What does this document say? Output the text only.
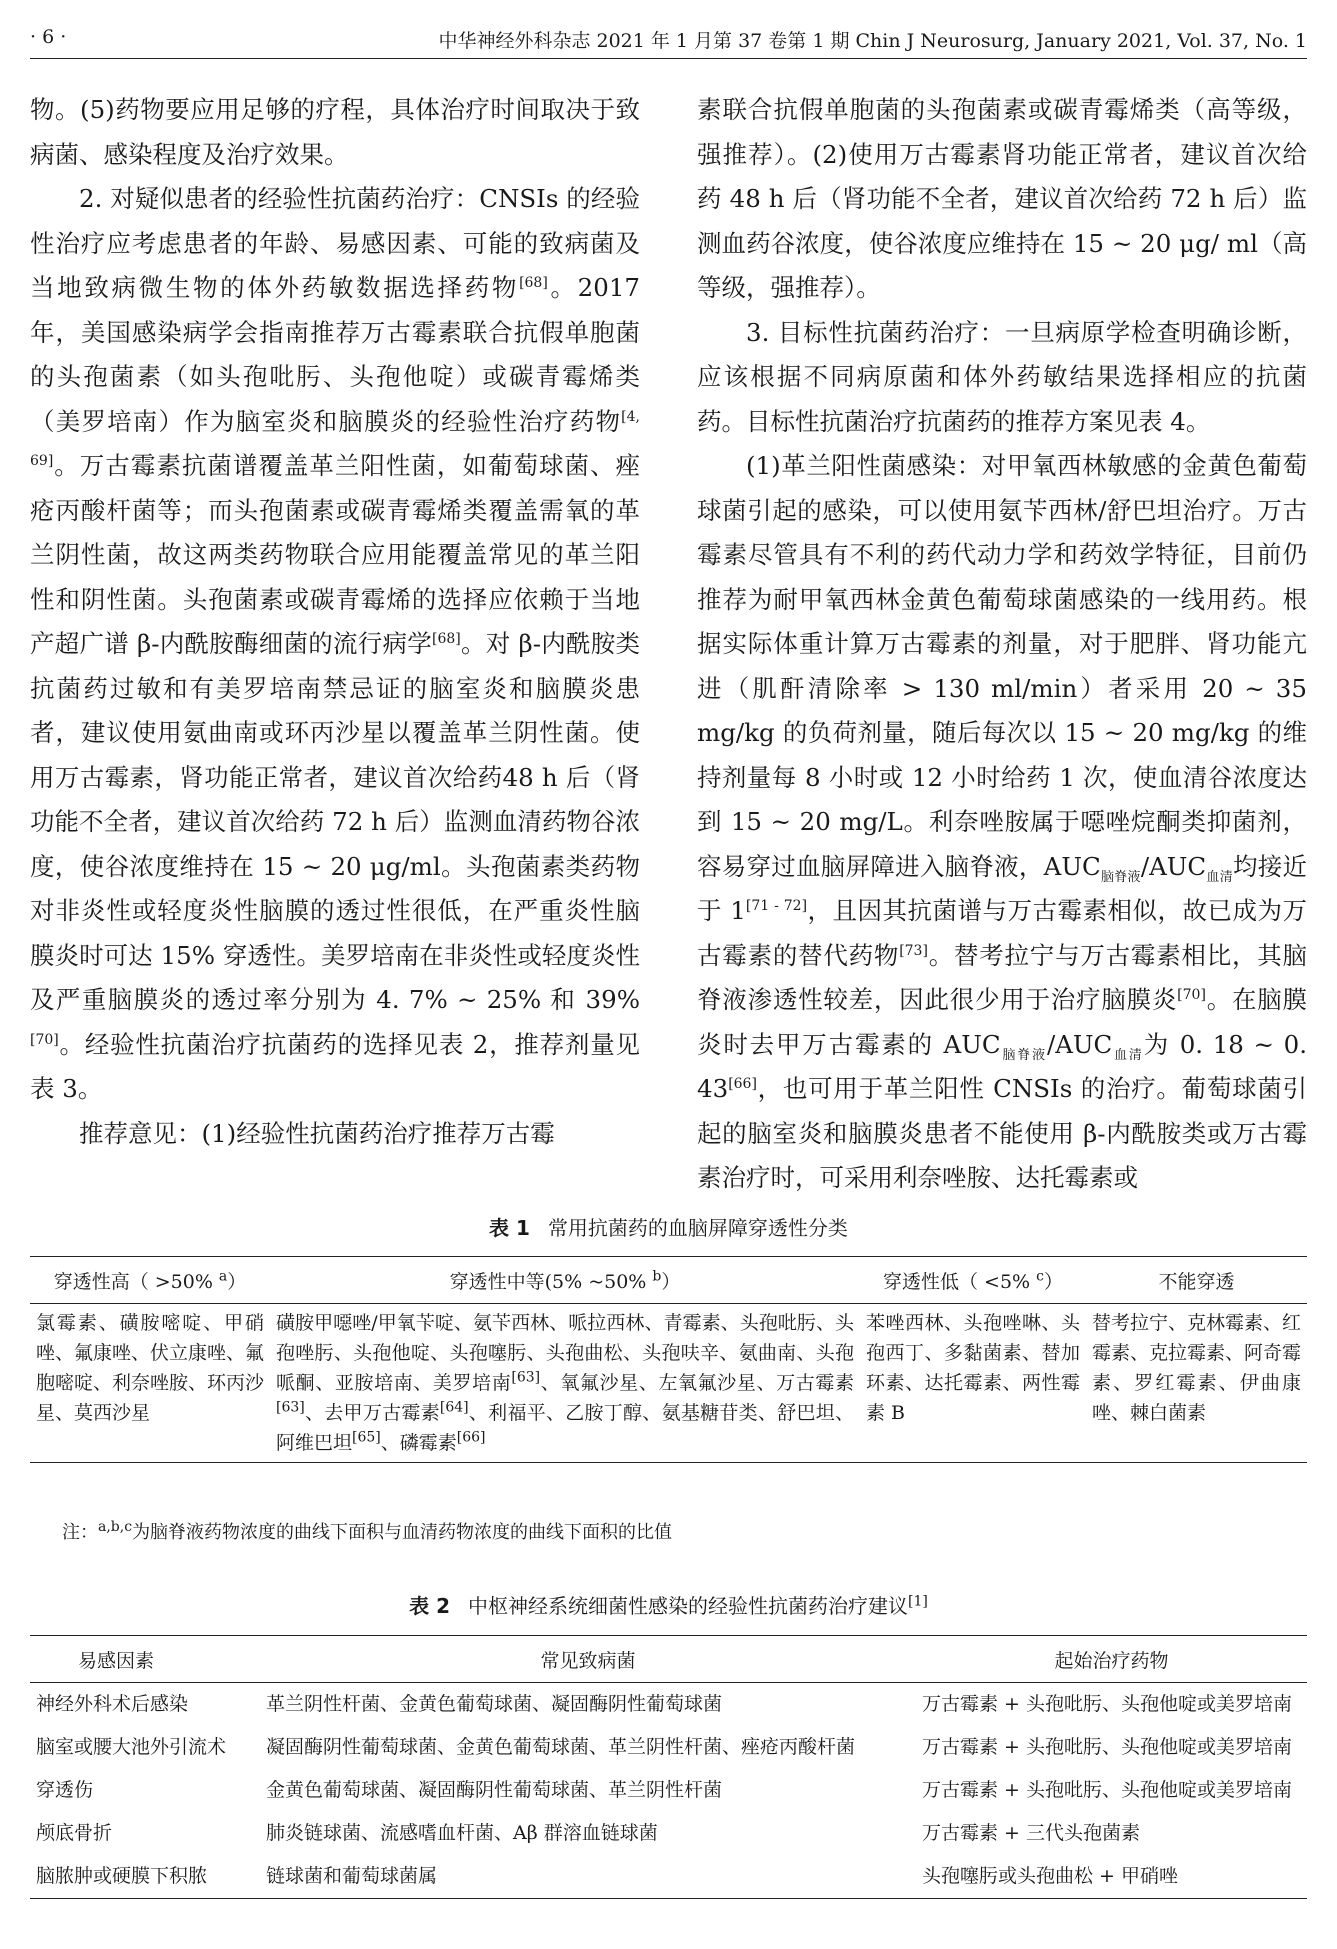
· 6 ·	中华神经外科杂志 2021 年 1 月第 37 卷第 1 期 Chin J Neurosurg, January 2021, Vol. 37, No. 1

物。(5)药物要应用足够的疗程，具体治疗时间取决于致病菌、感染程度及治疗效果。

2. 对疑似患者的经验性抗菌药治疗：CNSIs 的经验性治疗应考虑患者的年龄、易感因素、可能的致病菌及当地致病微生物的体外药敏数据选择药物[68]。2017 年，美国感染病学会指南推荐万古霉素联合抗假单胞菌的头孢菌素（如头孢吡肟、头孢他啶）或碳青霉烯类（美罗培南）作为脑室炎和脑膜炎的经验性治疗药物[4, 69]。万古霉素抗菌谱覆盖革兰阳性菌，如葡萄球菌、痤疮丙酸杆菌等；而头孢菌素或碳青霉烯类覆盖需氧的革兰阴性菌，故这两类药物联合应用能覆盖常见的革兰阳性和阴性菌。头孢菌素或碳青霉烯的选择应依赖于当地产超广谱 β-内酰胺酶细菌的流行病学[68]。对 β-内酰胺类抗菌药过敏和有美罗培南禁忌证的脑室炎和脑膜炎患者，建议使用氨曲南或环丙沙星以覆盖革兰阴性菌。使用万古霉素，肾功能正常者，建议首次给药48 h 后（肾功能不全者，建议首次给药 72 h 后）监测血清药物谷浓度，使谷浓度维持在 15 ~ 20 μg/ml。头孢菌素类药物对非炎性或轻度炎性脑膜的透过性很低，在严重炎性脑膜炎时可达 15% 穿透性。美罗培南在非炎性或轻度炎性及严重脑膜炎的透过率分别为 4. 7% ~ 25% 和 39%[70]。经验性抗菌治疗抗菌药的选择见表 2，推荐剂量见表 3。

推荐意见：(1)经验性抗菌药治疗推荐万古霉

素联合抗假单胞菌的头孢菌素或碳青霉烯类（高等级，强推荐）。(2)使用万古霉素肾功能正常者，建议首次给药 48 h 后（肾功能不全者，建议首次给药 72 h 后）监测血药谷浓度，使谷浓度应维持在 15 ~ 20 μg/ ml（高等级，强推荐）。

3. 目标性抗菌药治疗：一旦病原学检查明确诊断，应该根据不同病原菌和体外药敏结果选择相应的抗菌药。目标性抗菌治疗抗菌药的推荐方案见表 4。

(1)革兰阳性菌感染：对甲氧西林敏感的金黄色葡萄球菌引起的感染，可以使用氨苄西林/舒巴坦治疗。万古霉素尽管具有不利的药代动力学和药效学特征，目前仍推荐为耐甲氧西林金黄色葡萄球菌感染的一线用药。根据实际体重计算万古霉素的剂量，对于肥胖、肾功能亢进（肌酐清除率 > 130 ml/min）者采用 20 ~ 35 mg/kg 的负荷剂量，随后每次以 15 ~ 20 mg/kg 的维持剂量每 8 小时或 12 小时给药 1 次，使血清谷浓度达到 15 ~ 20 mg/L。利奈唑胺属于噁唑烷酮类抑菌剂，容易穿过血脑屏障进入脑脊液，$AUC_{脑脊液}/AUC_{血清}$均接近于 1[71 - 72]，且因其抗菌谱与万古霉素相似，故已成为万古霉素的替代药物[73]。替考拉宁与万古霉素相比，其脑脊液渗透性较差，因此很少用于治疗脑膜炎[70]。在脑膜炎时去甲万古霉素的 $AUC_{脑脊液}/AUC_{血清}$为 0. 18 ~ 0. 43[66]，也可用于革兰阳性 CNSIs 的治疗。葡萄球菌引起的脑室炎和脑膜炎患者不能使用 β-内酰胺类或万古霉素治疗时，可采用利奈唑胺、达托霉素或

表 1 常用抗菌药的血脑屏障穿透性分类
穿透性高（ >50% $^a$）	穿透性中等(5% ~50% $^b$）	穿透性低（ <5% $^c$）	不能穿透
氯霉素、磺胺嘧啶、甲硝唑、氟康唑、伏立康唑、氟胞嘧啶、利奈唑胺、环丙沙星、莫西沙星	磺胺甲噁唑/甲氧苄啶、氨苄西林、哌拉西林、青霉素、头孢吡肟、头孢唑肟、头孢他啶、头孢噻肟、头孢曲松、头孢呋辛、氨曲南、头孢哌酮、亚胺培南、美罗培南[63]、氧氟沙星、左氧氟沙星、万古霉素[63]、去甲万古霉素[64]、利福平、乙胺丁醇、氨基糖苷类、舒巴坦、阿维巴坦[65]、磷霉素[66]	苯唑西林、头孢唑啉、头孢西丁、多黏菌素、替加环素、达托霉素、两性霉素 B	替考拉宁、克林霉素、红霉素、克拉霉素、阿奇霉素、罗红霉素、伊曲康唑、棘白菌素
注：$^{a,b,c}$为脑脊液药物浓度的曲线下面积与血清药物浓度的曲线下面积的比值
表 2 中枢神经系统细菌性感染的经验性抗菌药治疗建议[1]
易感因素	常见致病菌	起始治疗药物
神经外科术后感染	革兰阴性杆菌、金黄色葡萄球菌、凝固酶阴性葡萄球菌	万古霉素 + 头孢吡肟、头孢他啶或美罗培南
脑室或腰大池外引流术	凝固酶阴性葡萄球菌、金黄色葡萄球菌、革兰阴性杆菌、痤疮丙酸杆菌	万古霉素 + 头孢吡肟、头孢他啶或美罗培南
穿透伤	金黄色葡萄球菌、凝固酶阴性葡萄球菌、革兰阴性杆菌	万古霉素 + 头孢吡肟、头孢他啶或美罗培南
颅底骨折	肺炎链球菌、流感嗜血杆菌、Aβ 群溶血链球菌	万古霉素 + 三代头孢菌素
脑脓肿或硬膜下积脓	链球菌和葡萄球菌属	头孢噻肟或头孢曲松 + 甲硝唑
